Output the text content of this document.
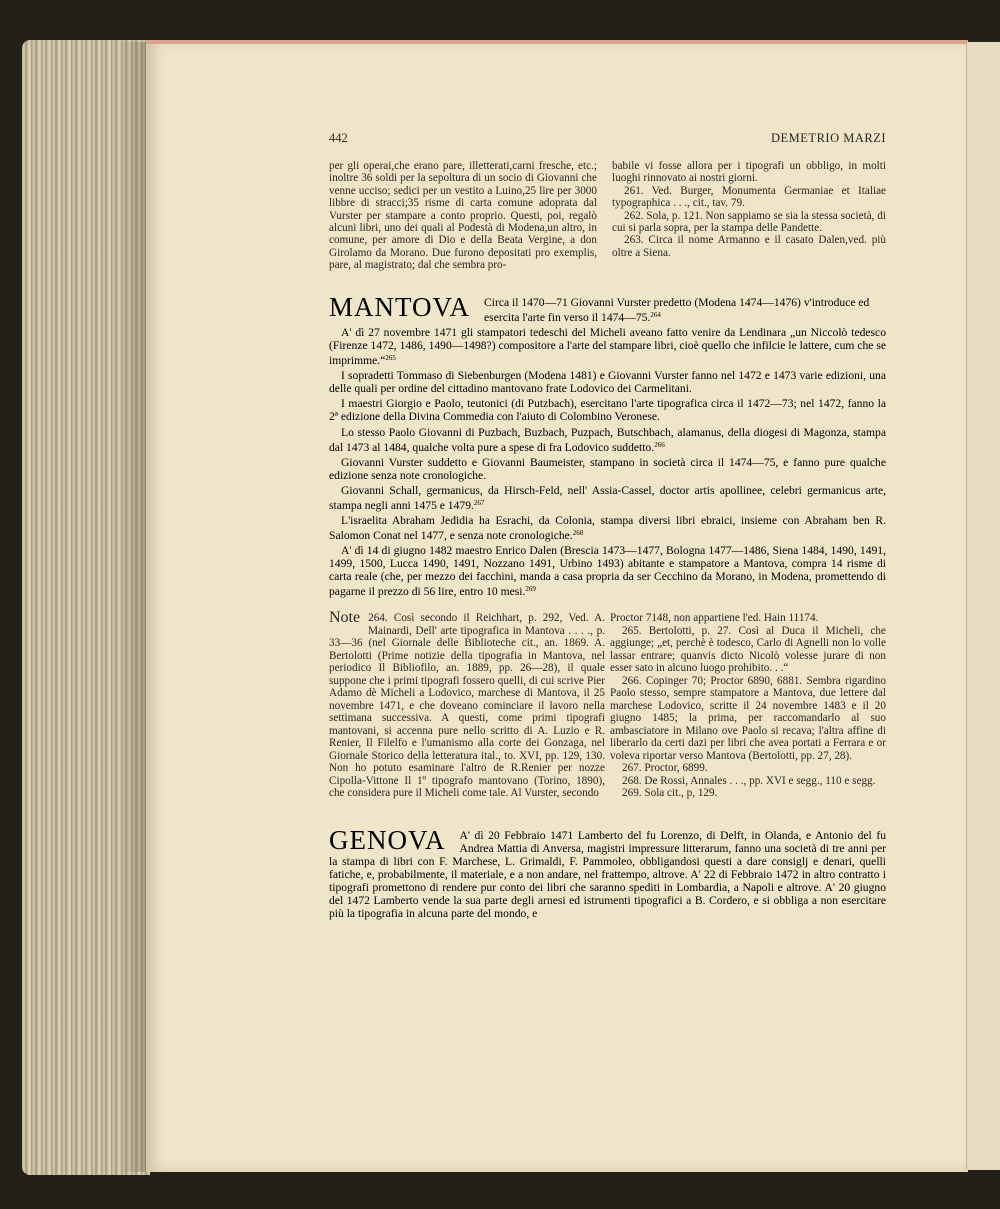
442	DEMETRIO MARZI

per gli operai,che erano pare, illetterati,carni fresche, etc.; inoltre 36 soldi per la sepoltura di un socio di Giovanni che venne ucciso; sedici per un vestito a Luino,25 lire per 3000 libbre di stracci;35 risme di carta comune adoprata dal Vurster per stampare a conto proprio. Questi, poi, regalò alcuni libri, uno dei quali al Podestà di Modena,un altro, in comune, per amore di Dio e della Beata Vergine, a don Girolamo da Morano. Due furono depositati pro exemplis, pare, al magistrato; dal che sembra pro-

babile vi fosse allora per i tipografi un obbligo, in molti luoghi rinnovato ai nostri giorni.

261. Ved. Burger, Monumenta Germaniae et Italiae typographica . . ., cit., tav. 79.

262. Sola, p. 121. Non sappiamo se sia la stessa società, di cui si parla sopra, per la stampa delle Pandette.

263. Circa il nome Armanno e il casato Dalen,ved. più oltre a Siena.

MANTOVA	Circa il 1470—71 Giovanni Vurster predetto (Modena 1474—1476) v'introduce ed esercita l'arte fin verso il 1474—75.$^{264}$

A' dì 27 novembre 1471 gli stampatori tedeschi del Micheli aveano fatto venire da Lendinara „un Niccolò tedesco (Firenze 1472, 1486, 1490—1498?) compositore a l'arte del stampare libri, cioè quello che infilcie le lattere, cum che se imprimme.“$^{265}$

I sopradetti Tommaso di Siebenburgen (Modena 1481) e Giovanni Vurster fanno nel 1472 e 1473 varie edizioni, una delle quali per ordine del cittadino mantovano frate Lodovico dei Carmelitani.

I maestri Giorgio e Paolo, teutonici (di Putzbach), esercitano l'arte tipografica circa il 1472—73; nel 1472, fanno la 2ª edizione della Divina Commedia con l'aiuto di Colombino Veronese.

Lo stesso Paolo Giovanni di Puzbach, Buzbach, Puzpach, Butschbach, alamanus, della diogesi di Magonza, stampa dal 1473 al 1484, qualche volta pure a spese di fra Lodovico suddetto.$^{266}$

Giovanni Vurster suddetto e Giovanni Baumeister, stampano in società circa il 1474—75, e fanno pure qualche edizione senza note cronologiche.

Giovanni Schall, germanicus, da Hirsch-Feld, nell' Assia-Cassel, doctor artis apollinee, celebri germanicus arte, stampa negli anni 1475 e 1479.$^{267}$

L'israelita Abraham Jedidia ha Esrachi, da Colonia, stampa diversi libri ebraici, insieme con Abraham ben R. Salomon Conat nel 1477, e senza note cronologiche.$^{268}$

A' dì 14 di giugno 1482 maestro Enrico Dalen (Brescia 1473—1477, Bologna 1477—1486, Siena 1484, 1490, 1491, 1499, 1500, Lucca 1490, 1491, Nozzano 1491, Urbino 1493) abitante e stampatore a Mantova, compra 14 risme di carta reale (che, per mezzo dei facchini, manda a casa propria da ser Cecchino da Morano, in Modena, promettendo di pagarne il prezzo di 56 lire, entro 10 mesi.$^{269}$

Note 264. Così secondo il Reichhart, p. 292, Ved. A. Mainardi, Dell' arte tipografica in Mantova . . . ., p. 33—36 (nel Giornale delle Biblioteche cit., an. 1869. A. Bertolotti (Prime notizie della tipografia in Mantova, nel periodico Il Bibliofilo, an. 1889, pp. 26—28), il quale suppone che i primi tipografi fossero quelli, di cui scrive Pier Adamo dè Micheli a Lodovico, marchese di Mantova, il 25 novembre 1471, e che doveano cominciare il lavoro nella settimana successiva. A questi, come primi tipografi mantovani, si accenna pure nello scritto di A. Luzio e R. Renier, Il Filelfo e l'umanismo alla corte dei Gonzaga, nel Giornale Storico della letteratura ital., to. XVI, pp. 129, 130. Non ho potuto esaminare l'altro de R.Renier per nozze Cipolla-Vittone Il 1º tipografo mantovano (Torino, 1890), che considera pure il Micheli come tale. Al Vurster, secondo

Proctor 7148, non appartiene l'ed. Hain 11174.

265. Bertolotti, p. 27. Così al Duca il Micheli, che aggiunge; „et, perchè è todesco, Carlo di Agnelli non lo volle lassar entrare; quanvis dicto Nicolò volesse jurare di non esser sato in alcuno luogo prohibito. . .“

266. Copinger 70; Proctor 6890, 6881. Sembra rigardino Paolo stesso, sempre stampatore a Mantova, due lettere dal marchese Lodovico, scritte il 24 novembre 1483 e il 20 giugno 1485; la prima, per raccomandarlo al suo ambasciatore in Milano ove Paolo si recava; l'altra affine di liberarlo da certi dazi per libri che avea portati a Ferrara e or voleva riportar verso Mantova (Bertolotti, pp. 27, 28).

267. Proctor, 6899.

268. De Rossi, Annales . . ., pp. XVI e segg., 110 e segg.

269. Sola cit., p, 129.

GENOVA	A' dì 20 Febbraio 1471 Lamberto del fu Lorenzo, di Delft, in Olanda, e Antonio del fu Andrea Mattia di Anversa, magistri impressure litterarum, fanno una società di tre anni per la stampa di libri con F. Marchese, L. Grimaldi, F. Pammoleo, obbligandosi questi a dare consiglj e denari, quelli fatiche, e, probabilmente, il materiale, e a non andare, nel frattempo, altrove. A' 22 di Febbraio 1472 in altro contratto i tipografi promettono di rendere pur conto dei libri che saranno spediti in Lombardia, a Napoli e altrove. A' 20 giugno del 1472 Lamberto vende la sua parte degli arnesi ed istrumenti tipografici a B. Cordero, e si obbliga a non esercitare più la tipografia in alcuna parte del mondo, e
